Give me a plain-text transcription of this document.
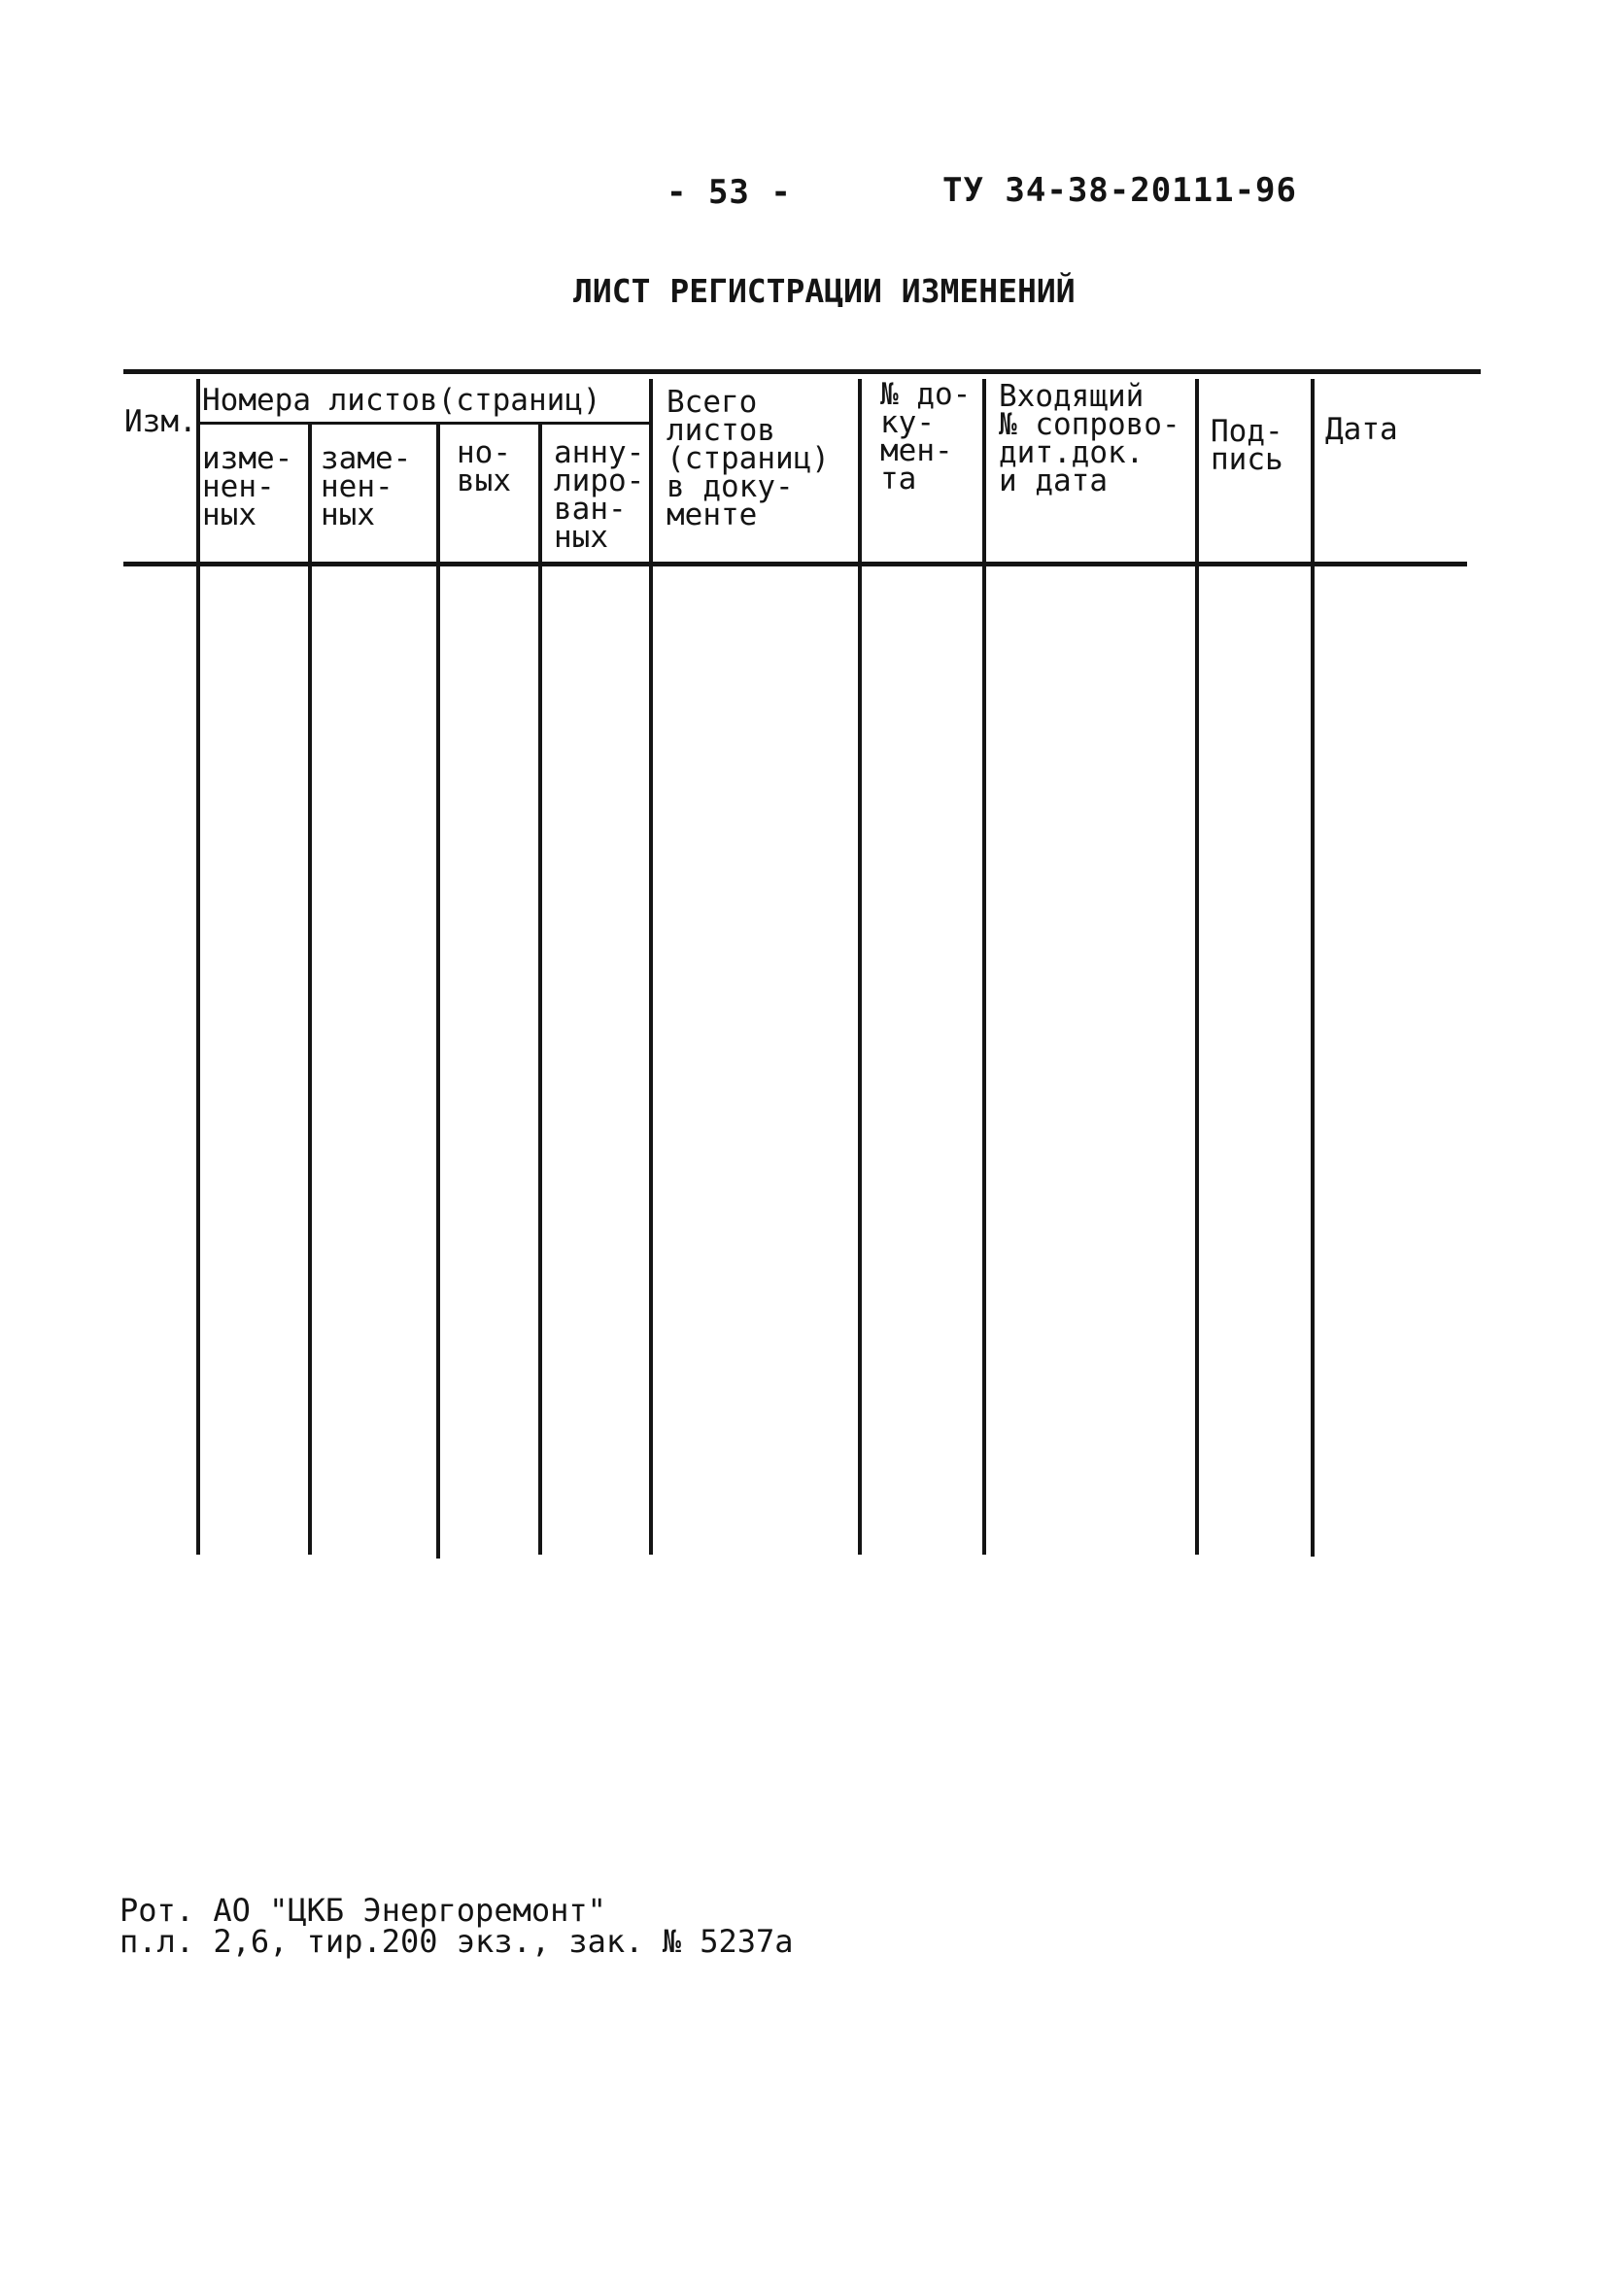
- 53 -	ТУ 34-38-20111-96
ЛИСТ РЕГИСТРАЦИИ ИЗМЕНЕНИЙ
Изм.
Номера листов(страниц)
изме-
нен-
ных
заме-
нен-
ных
но-
вых
анну-
лиро-
ван-
ных
Всего
листов
(страниц)
в доку-
менте
№ до-
ку-
мен-
та
Входящий
№ сопрово-
дит.док.
и дата
Под-
пись
Дата
Рот. АО "ЦКБ Энергоремонт"
п.л. 2,6, тир.200 экз., зак. № 5237а
